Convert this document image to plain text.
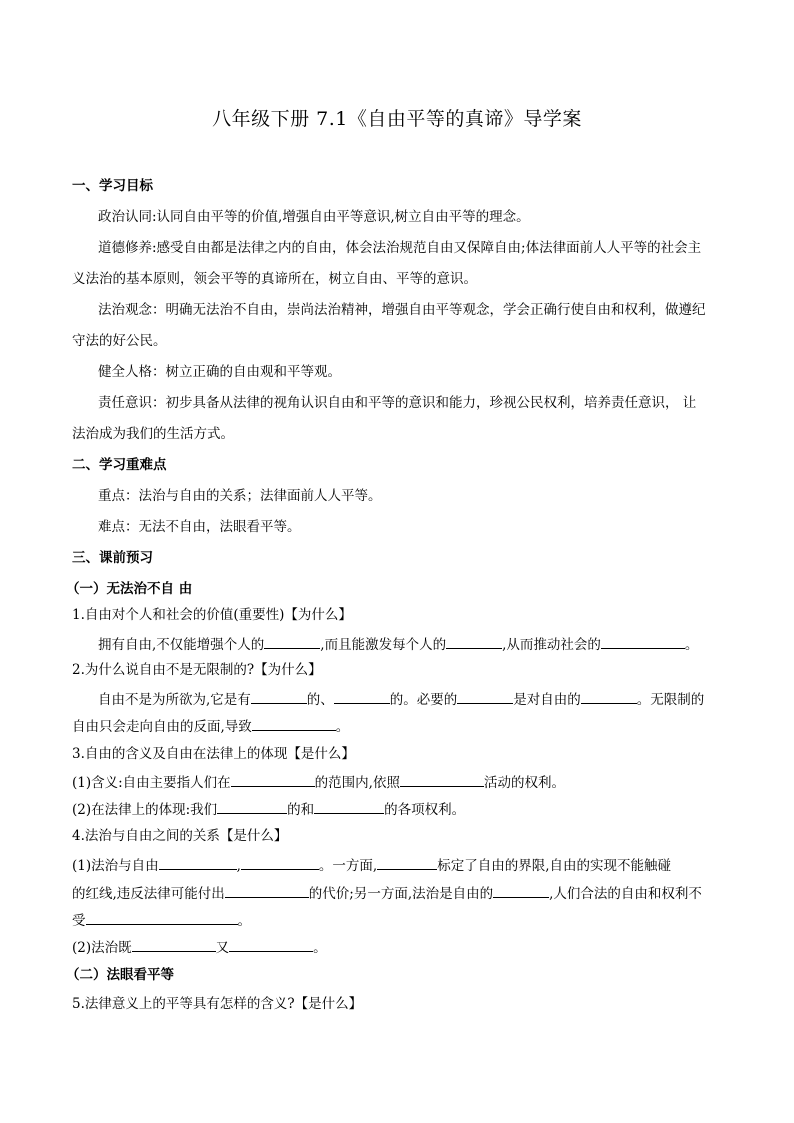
八年级下册 7.1《自由平等的真谛》导学案
一、学习目标
政治认同:认同自由平等的价值,增强自由平等意识,树立自由平等的理念。
道德修养:感受自由都是法律之内的自由，体会法治规范自由又保障自由;体法律面前人人平等的社会主
义法治的基本原则，领会平等的真谛所在，树立自由、平等的意识。
法治观念：明确无法治不自由，崇尚法治精神，增强自由平等观念，学会正确行使自由和权利，做遵纪
守法的好公民。
健全人格：树立正确的自由观和平等观。
责任意识：初步具备从法律的视角认识自由和平等的意识和能力，珍视公民权利，培养责任意识， 让
法治成为我们的生活方式。
二、学习重难点
重点：法治与自由的关系；法律面前人人平等。
难点：无法不自由，法眼看平等。
三、课前预习
（一）无法治不自 由
1.自由对个人和社会的价值(重要性)【为什么】
拥有自由,不仅能增强个人的	,而且能激发每个人的	,从而推动社会的	。
2.为什么说自由不是无限制的?【为什么】
自由不是为所欲为,它是有	的、	的。必要的	是对自由的	。无限制的
自由只会走向自由的反面,导致	。
3.自由的含义及自由在法律上的体现【是什么】
(1)含义:自由主要指人们在	的范围内,依照	活动的权利。
(2)在法律上的体现:我们	的和	的各项权利。
4.法治与自由之间的关系【是什么】
(1)法治与自由	,	。一方面,	标定了自由的界限,自由的实现不能触碰
的红线,违反法律可能付出	的代价;另一方面,法治是自由的	,人们合法的自由和权利不
受	。
(2)法治既	又	。
（二）法眼看平等
5.法律意义上的平等具有怎样的含义?【是什么】
